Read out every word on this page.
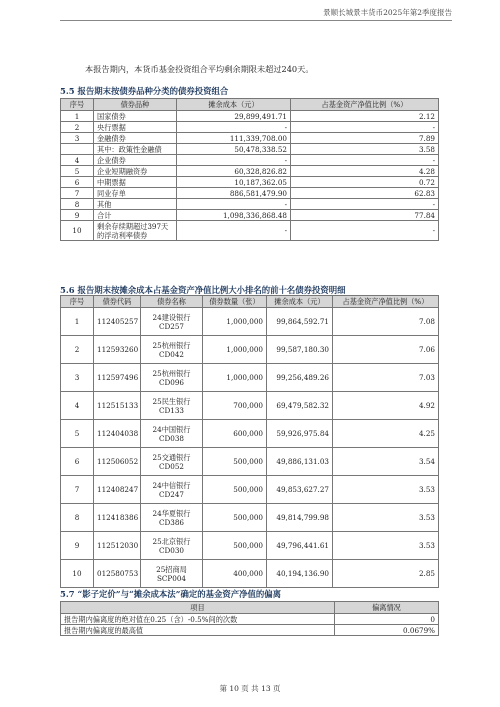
景顺长城景丰货币2025年第2季度报告
本报告期内，本货币基金投资组合平均剩余期限未超过240天。
5.5 报告期末按债券品种分类的债券投资组合
序号	债券品种	摊余成本（元）	占基金资产净值比例（%）
1	国家债券	29,899,491.71	2.12
2	央行票据	-	-
3	金融债券	111,339,708.00	7.89
	其中：政策性金融债	50,478,338.52	3.58
4	企业债券	-	-
5	企业短期融资券	60,328,826.82	4.28
6	中期票据	10,187,362.05	0.72
7	同业存单	886,581,479.90	62.83
8	其他	-	-
9	合计	1,098,336,868.48	77.84
10	剩余存续期超过397天的浮动利率债券	-	-
5.6 报告期末按摊余成本占基金资产净值比例大小排名的前十名债券投资明细
序号	债券代码	债券名称	债券数量（张）	摊余成本（元）	占基金资产净值比例（%）
1	112405257	24建设银行CD257	1,000,000	99,864,592.71	7.08
2	112593260	25杭州银行CD042	1,000,000	99,587,180.30	7.06
3	112597496	25杭州银行CD096	1,000,000	99,256,489.26	7.03
4	112515133	25民生银行CD133	700,000	69,479,582.32	4.92
5	112404038	24中国银行CD038	600,000	59,926,975.84	4.25
6	112506052	25交通银行CD052	500,000	49,886,131.03	3.54
7	112408247	24中信银行CD247	500,000	49,853,627.27	3.53
8	112418386	24华夏银行CD386	500,000	49,814,799.98	3.53
9	112512030	25北京银行CD030	500,000	49,796,441.61	3.53
10	012580753	25招商局SCP004	400,000	40,194,136.90	2.85
5.7 “影子定价”与“摊余成本法”确定的基金资产净值的偏离
项目	偏离情况
报告期内偏离度的绝对值在0.25（含）-0.5%间的次数	0
报告期内偏离度的最高值	0.0679%
第 10 页 共 13 页
